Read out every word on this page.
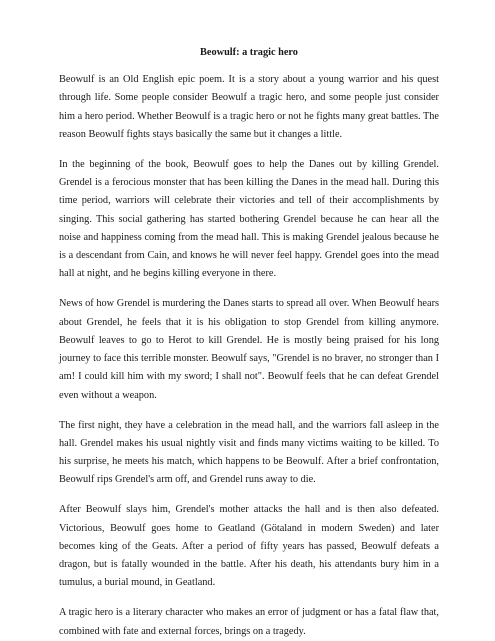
Beowulf: a tragic hero

Beowulf is an Old English epic poem. It is a story about a young warrior and his quest through life. Some people consider Beowulf a tragic hero, and some people just consider him a hero period. Whether Beowulf is a tragic hero or not he fights many great battles. The reason Beowulf fights stays basically the same but it changes a little.

In the beginning of the book, Beowulf goes to help the Danes out by killing Grendel. Grendel is a ferocious monster that has been killing the Danes in the mead hall. During this time period, warriors will celebrate their victories and tell of their accomplishments by singing. This social gathering has started bothering Grendel because he can hear all the noise and happiness coming from the mead hall. This is making Grendel jealous because he is a descendant from Cain, and knows he will never feel happy. Grendel goes into the mead hall at night, and he begins killing everyone in there.

News of how Grendel is murdering the Danes starts to spread all over. When Beowulf hears about Grendel, he feels that it is his obligation to stop Grendel from killing anymore. Beowulf leaves to go to Herot to kill Grendel. He is mostly being praised for his long journey to face this terrible monster. Beowulf says, "Grendel is no braver, no stronger than I am! I could kill him with my sword; I shall not". Beowulf feels that he can defeat Grendel even without a weapon.

The first night, they have a celebration in the mead hall, and the warriors fall asleep in the hall. Grendel makes his usual nightly visit and finds many victims waiting to be killed. To his surprise, he meets his match, which happens to be Beowulf. After a brief confrontation, Beowulf rips Grendel's arm off, and Grendel runs away to die.

After Beowulf slays him, Grendel's mother attacks the hall and is then also defeated. Victorious, Beowulf goes home to Geatland (Götaland in modern Sweden) and later becomes king of the Geats. After a period of fifty years has passed, Beowulf defeats a dragon, but is fatally wounded in the battle. After his death, his attendants bury him in a tumulus, a burial mound, in Geatland.

A tragic hero is a literary character who makes an error of judgment or has a fatal flaw that, combined with fate and external forces, brings on a tragedy.
